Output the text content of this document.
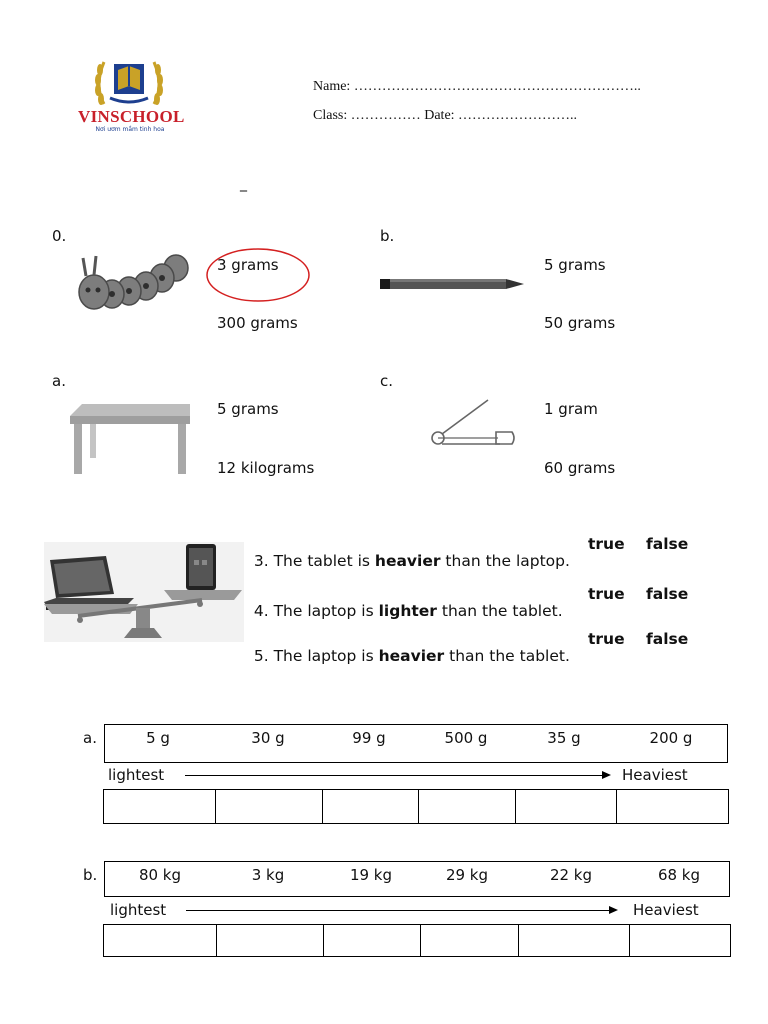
VINSCHOOL
Nơi ươm mầm tinh hoa
Name: ……………………………………………………..
Class: …………… Date: ……………………..
_
0.
3 grams
300 grams
b.
5 grams
50 grams
a.
5 grams
12 kilograms
c.
1 gram
60 grams

3. The tablet is heavier than the laptop.

true false

4. The laptop is lighter than the tablet.

true false

5. The laptop is heavier than the tablet.

true false
a.	5 g	30 g	99 g	500 g	35 g	200 g
lightest	Heaviest
b.	80 kg	3 kg	19 kg	29 kg	22 kg	68 kg
lightest	Heaviest
